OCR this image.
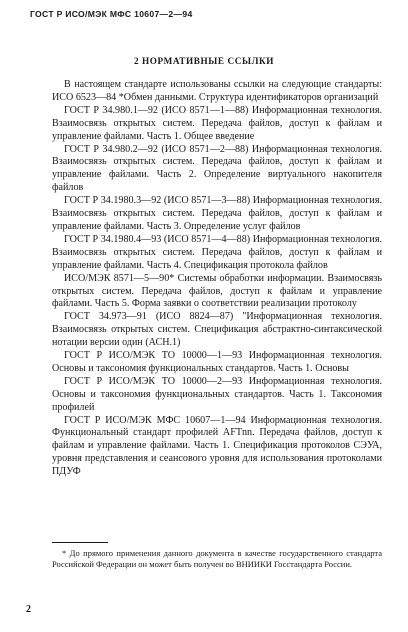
ГОСТ Р ИСО/МЭК МФС 10607—2—94
2 НОРМАТИВНЫЕ ССЫЛКИ

В настоящем стандарте использованы ссылки на следующие стандарты: ИСО 6523—84 *Обмен данными. Структура идентификаторов организаций

ГОСТ Р 34.980.1—92 (ИСО 8571—1—88) Информационная технология. Взаимосвязь открытых систем. Передача файлов, доступ к файлам и управление файлами. Часть 1. Общее введение

ГОСТ Р 34.980.2—92 (ИСО 8571—2—88) Информационная технология. Взаимосвязь открытых систем. Передача файлов, доступ к файлам и управление файлами. Часть 2. Определение виртуального накопителя файлов

ГОСТ Р 34.1980.3—92 (ИСО 8571—3—88) Информационная технология. Взаимосвязь открытых систем. Передача файлов, доступ к файлам и управление файлами. Часть 3. Определение услуг файлов

ГОСТ Р 34.1980.4—93 (ИСО 8571—4—88) Информационная технология. Взаимосвязь открытых систем. Передача файлов, доступ к файлам и управление файлами. Часть 4. Спецификация протокола файлов

ИСО/МЭК 8571—5—90* Системы обработки информации. Взаимосвязь открытых систем. Передача файлов, доступ к файлам и управление файлами. Часть 5. Форма заявки о соответствии реализации протоколу

ГОСТ 34.973—91 (ИСО 8824—87) "Информационная технология. Взаимосвязь открытых систем. Спецификация абстрактно-синтаксической нотации версии один (АСН.1)

ГОСТ Р ИСО/МЭК ТО 10000—1—93 Информационная технология. Основы и таксономия функциональных стандартов. Часть 1. Основы

ГОСТ Р ИСО/МЭК ТО 10000—2—93 Информационная технология. Основы и таксономия функциональных стандартов. Часть 1. Таксономия профилей

ГОСТ Р ИСО/МЭК МФС 10607—1—94 Информационная технология. Функциональный стандарт профилей AFTnn. Передача файлов, доступ к файлам и управление файлами. Часть 1. Спецификация протоколов СЭУА, уровня представления и сеансового уровня для использования протоколами ПДУФ

* До прямого применения данного документа в качестве государственного стандарта Российской Федерации он может быть получен во ВНИИКИ Госстандарта России.
2
